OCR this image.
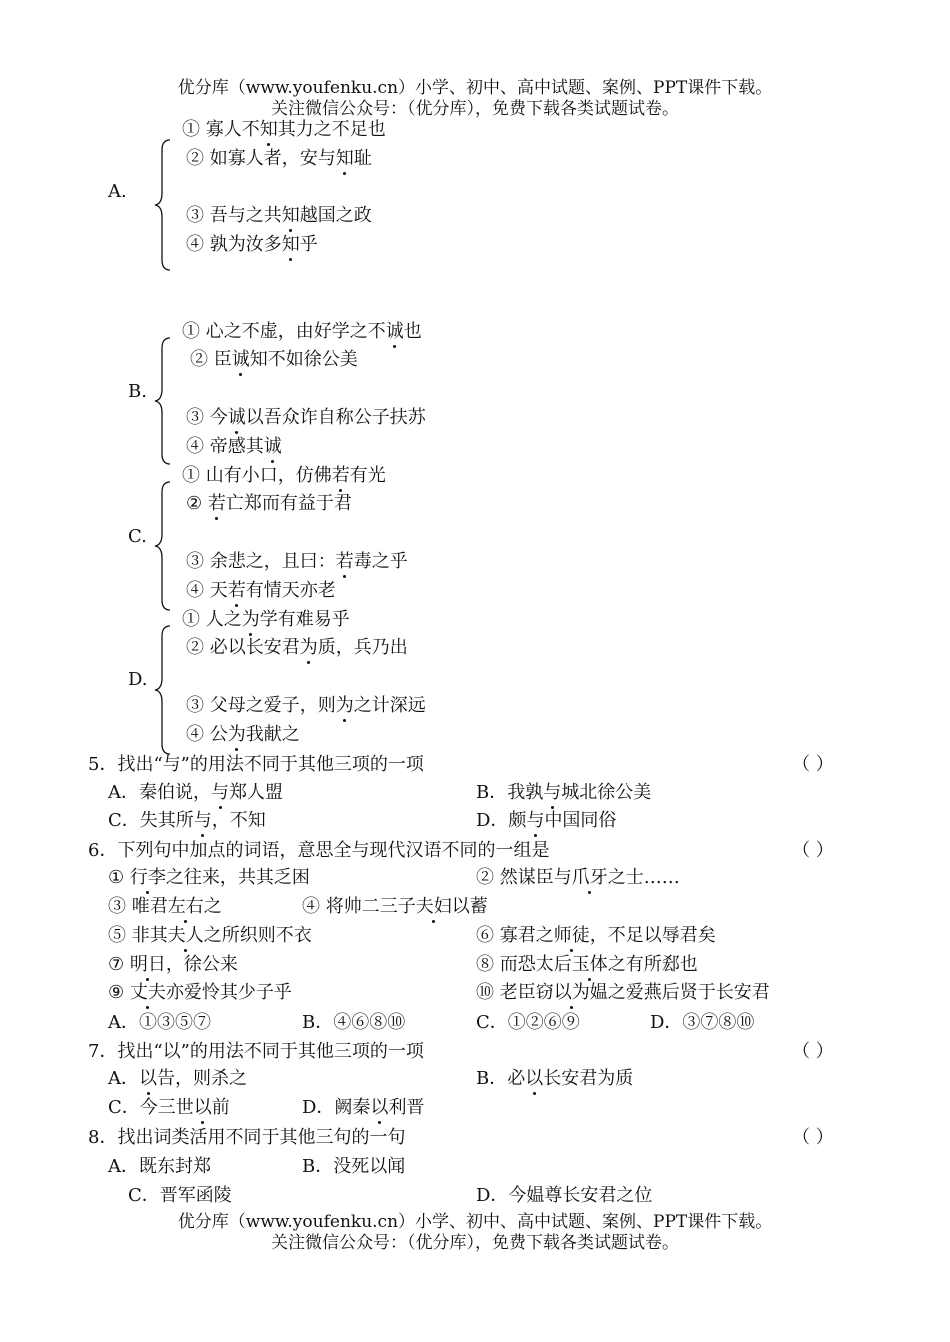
优分库（www.youfenku.cn）小学、初中、高中试题、案例、PPT课件下载。
关注微信公众号：（优分库），免费下载各类试题试卷。
A.
① 寡人不知其力之不足也
② 如寡人者，安与知耻
③ 吾与之共知越国之政
④ 孰为汝多知乎
B.
① 心之不虚，由好学之不诚也
② 臣诚知不如徐公美
③ 今诚以吾众诈自称公子扶苏
④ 帝感其诚
C.
① 山有小口，仿佛若有光
② 若亡郑而有益于君
③ 余悲之，且曰：若毒之乎
④ 天若有情天亦老
D.
① 人之为学有难易乎
② 必以长安君为质，兵乃出
③ 父母之爱子，则为之计深远
④ 公为我献之
5．找出“与”的用法不同于其他三项的一项	（ ）
A．秦伯说，与郑人盟	B．我孰与城北徐公美
C．失其所与，不知	D．颇与中国同俗
6．下列句中加点的词语，意思全与现代汉语不同的一组是	（ ）
① 行李之往来，共其乏困	② 然谋臣与爪牙之士……
③ 唯君左右之	④ 将帅二三子夫妇以蓄
⑤ 非其夫人之所织则不衣	⑥ 寡君之师徒，不足以辱君矣
⑦ 明日，徐公来	⑧ 而恐太后玉体之有所郄也
⑨ 丈夫亦爱怜其少子乎	⑩ 老臣窃以为媪之爱燕后贤于长安君
A．①③⑤⑦	B．④⑥⑧⑩	C．①②⑥⑨	D．③⑦⑧⑩
7．找出“以”的用法不同于其他三项的一项	（ ）
A．以告，则杀之	B．必以长安君为质
C．今三世以前	D．阙秦以利晋
8．找出词类活用不同于其他三句的一句	（ ）
A．既东封郑	B．没死以闻
C．晋军函陵	D．今媪尊长安君之位
优分库（www.youfenku.cn）小学、初中、高中试题、案例、PPT课件下载。
关注微信公众号：（优分库），免费下载各类试题试卷。
